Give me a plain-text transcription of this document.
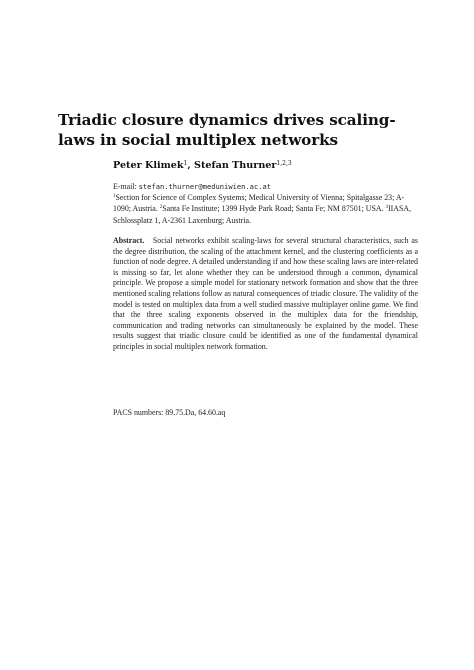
Triadic closure dynamics drives scaling-laws in social multiplex networks
Peter Klimek$^1$, Stefan Thurner$^{1,2,3}$
E-mail: stefan.thurner@meduniwien.ac.at
$^1$Section for Science of Complex Systems; Medical University of Vienna; Spitalgasse 23; A-1090; Austria. $^2$Santa Fe Institute; 1399 Hyde Park Road; Santa Fe; NM 87501; USA. $^3$IIASA, Schlossplatz 1, A-2361 Laxenburg; Austria.

Abstract. Social networks exhibit scaling-laws for several structural characteristics, such as the degree distribution, the scaling of the attachment kernel, and the clustering coefficients as a function of node degree. A detailed understanding if and how these scaling laws are inter-related is missing so far, let alone whether they can be understood through a common, dynamical principle. We propose a simple model for stationary network formation and show that the three mentioned scaling relations follow as natural consequences of triadic closure. The validity of the model is tested on multiplex data from a well studied massive multiplayer online game. We find that the three scaling exponents observed in the multiplex data for the friendship, communication and trading networks can simultaneously be explained by the model. These results suggest that triadic closure could be identified as one of the fundamental dynamical principles in social multiplex network formation.

PACS numbers: 89.75.Da, 64.60.aq
